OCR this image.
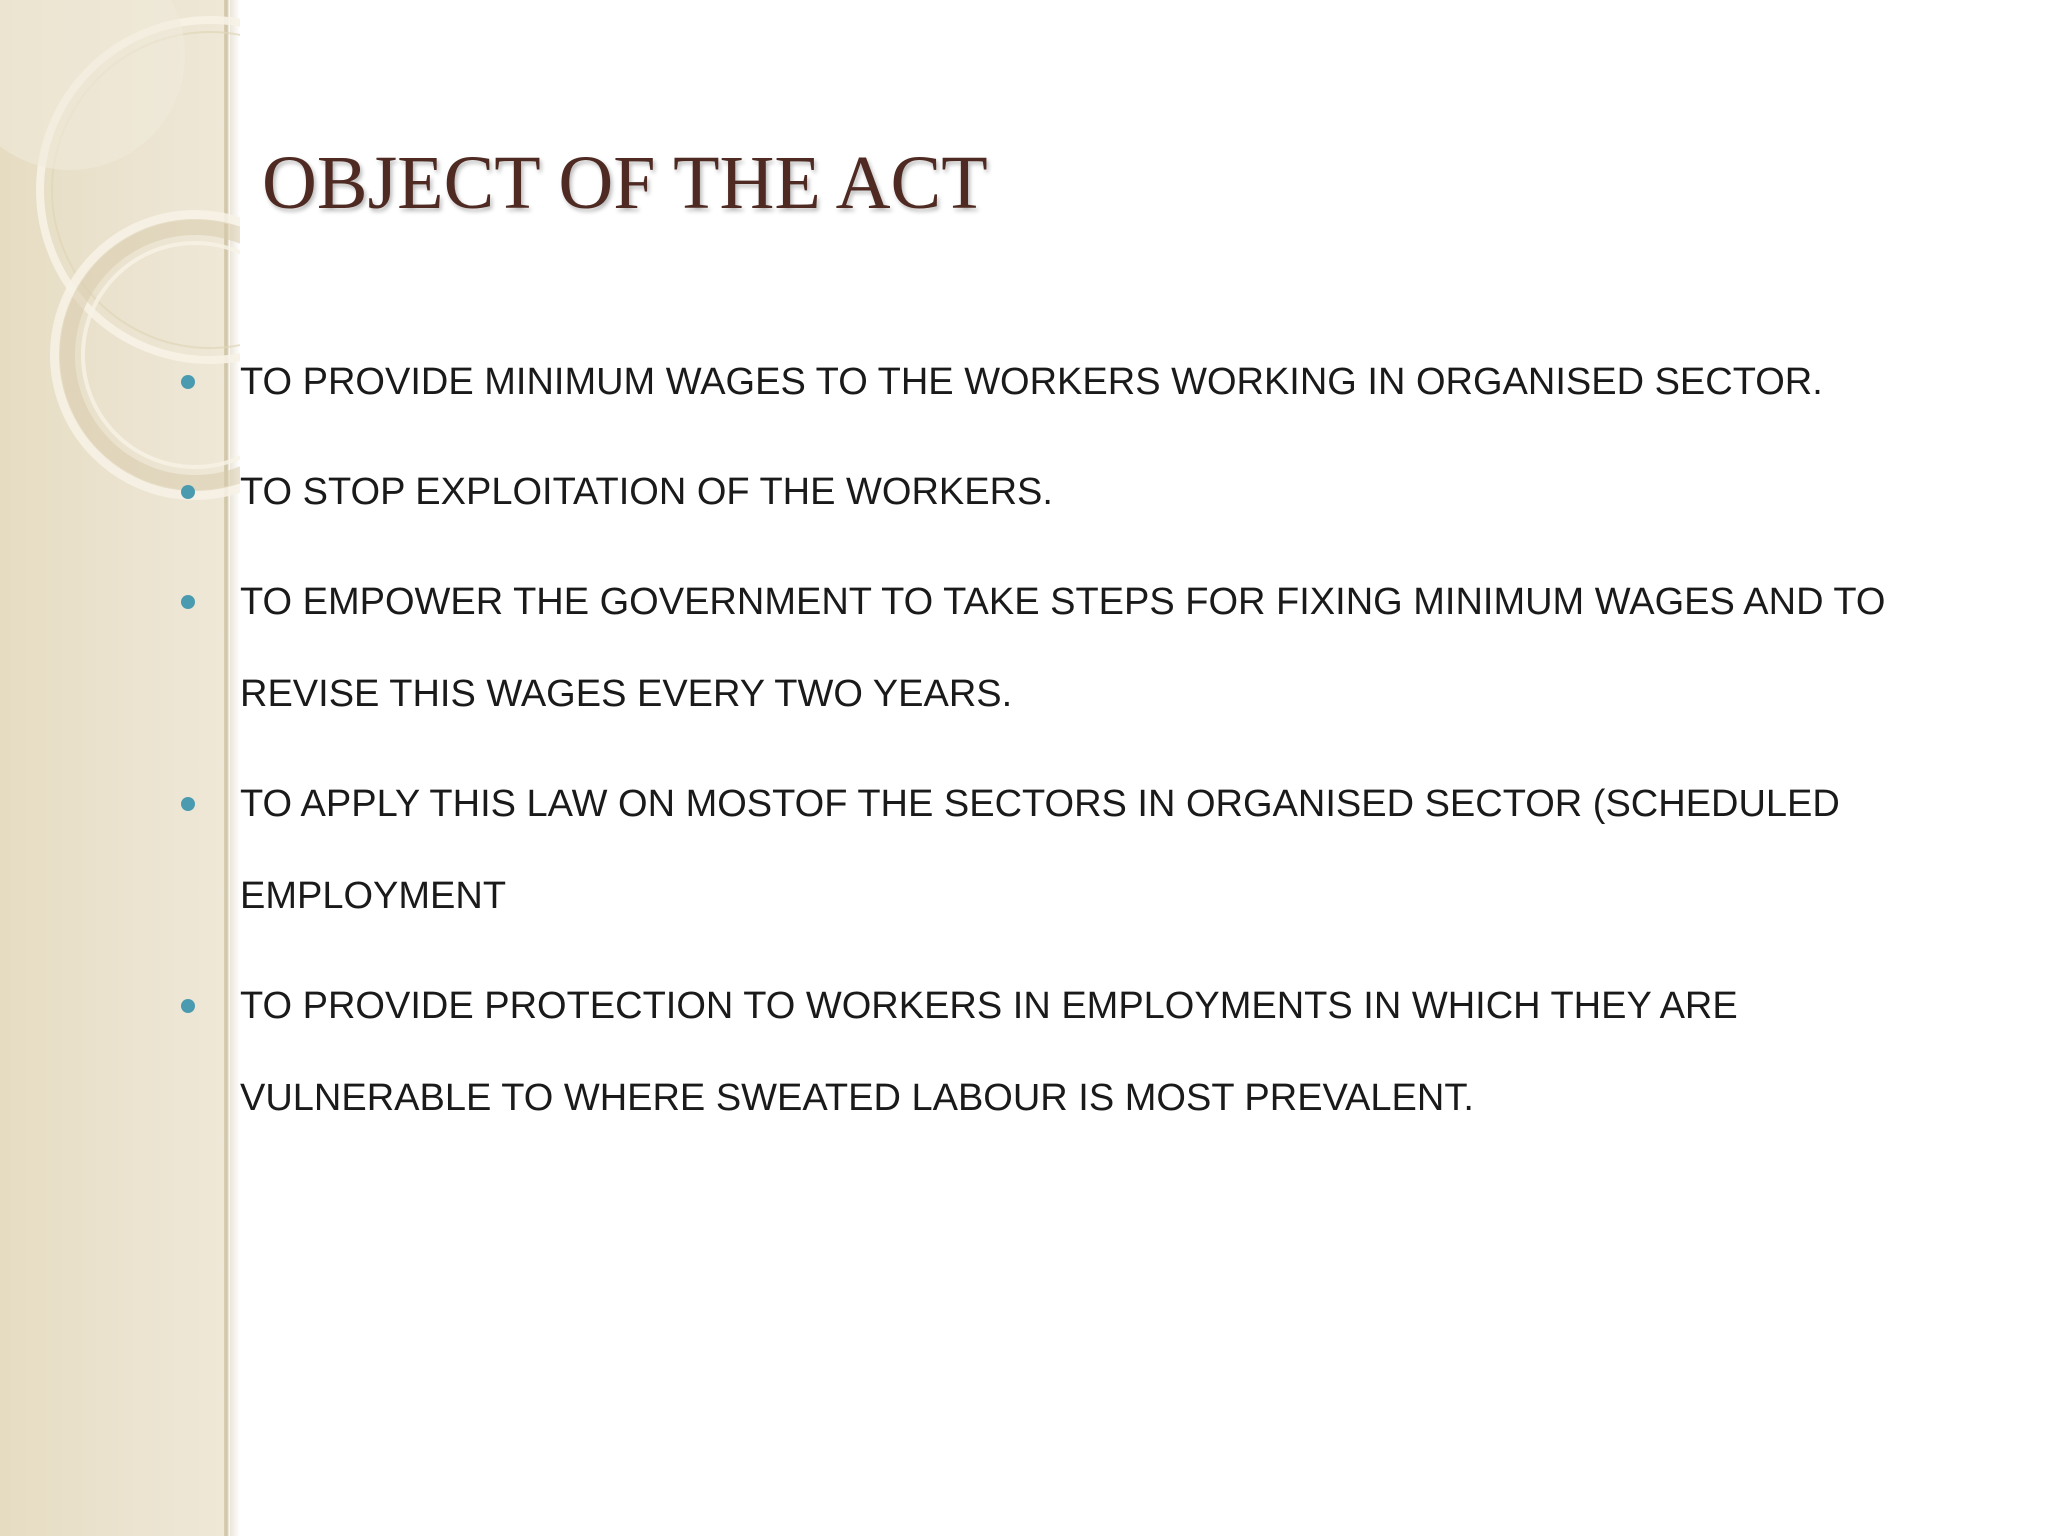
OBJECT OF THE ACT
TO PROVIDE MINIMUM WAGES TO THE WORKERS WORKING IN ORGANISED SECTOR.
TO STOP EXPLOITATION OF THE WORKERS.
TO EMPOWER THE GOVERNMENT TO TAKE STEPS FOR FIXING MINIMUM WAGES AND TO REVISE THIS WAGES EVERY TWO YEARS.
TO APPLY THIS LAW ON MOSTOF THE SECTORS IN ORGANISED SECTOR (SCHEDULED EMPLOYMENT
TO PROVIDE PROTECTION TO WORKERS IN EMPLOYMENTS IN WHICH THEY ARE VULNERABLE TO WHERE SWEATED LABOUR IS MOST PREVALENT.
